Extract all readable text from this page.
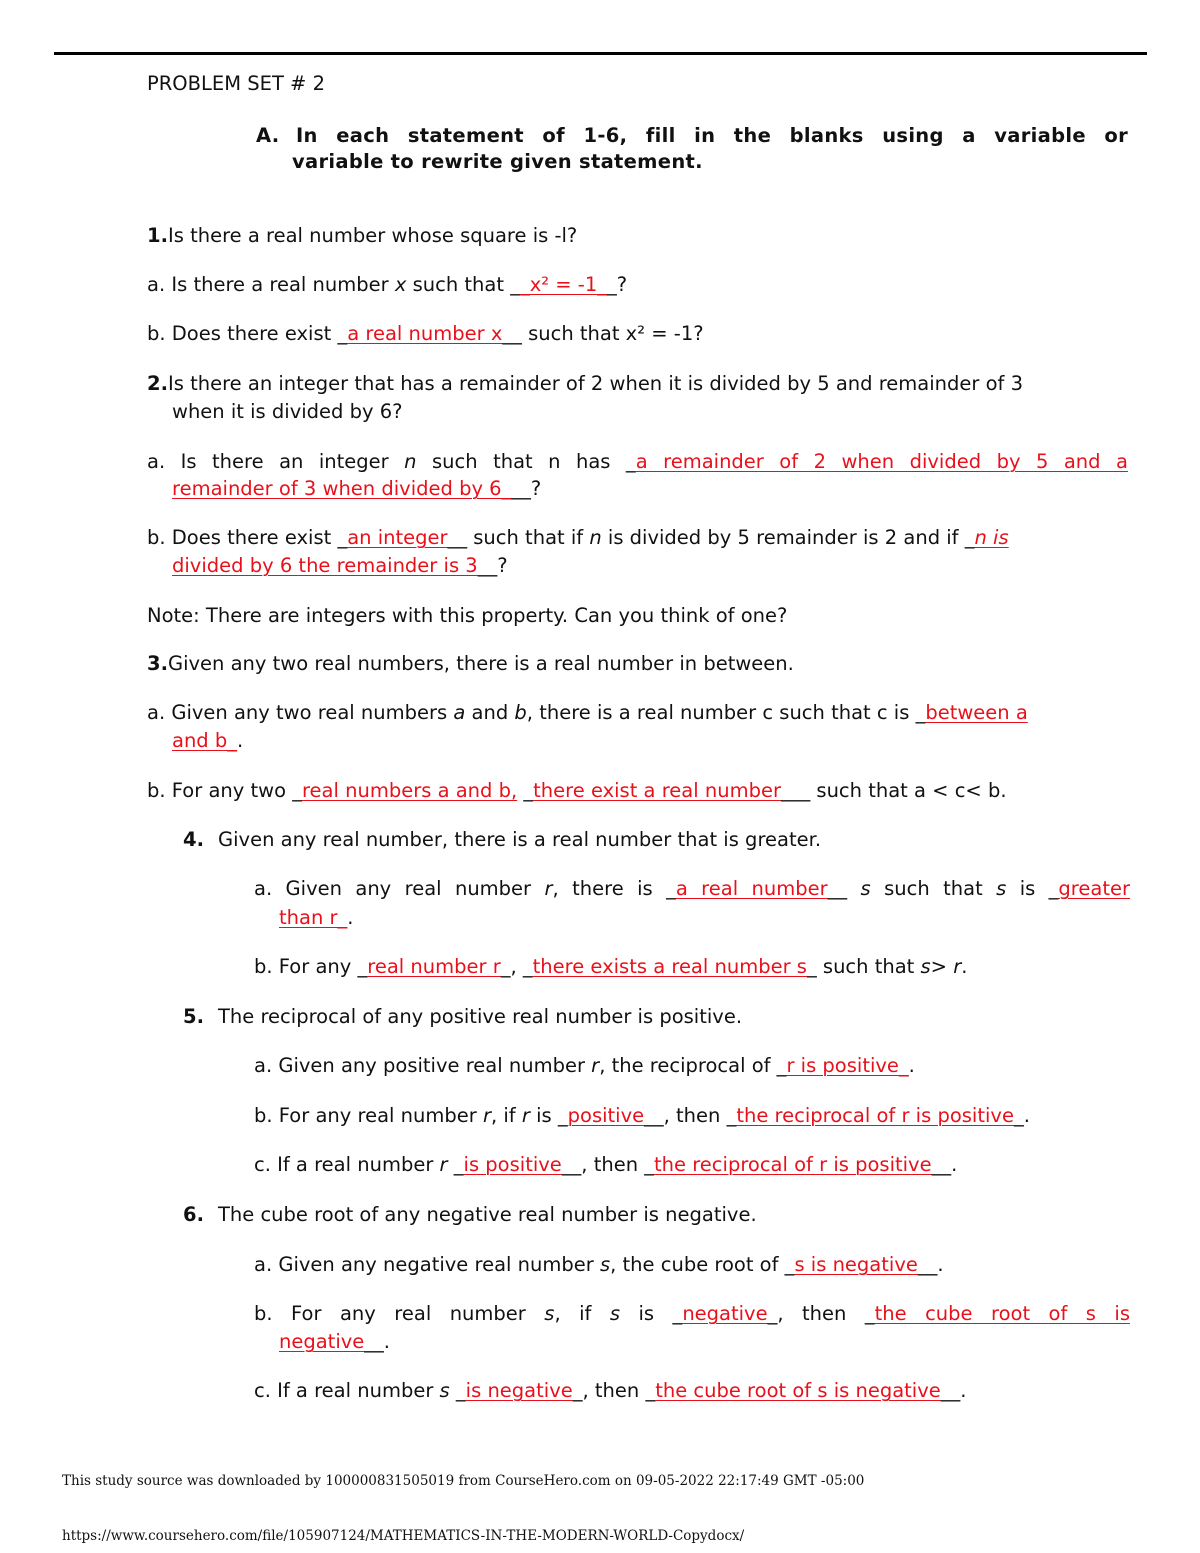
PROBLEM SET # 2
A. In each statement of 1-6, fill in the blanks using a variable or
variable to rewrite given statement.
1.Is there a real number whose square is -l?
a. Is there a real number x such that __x² = -1__?
b. Does there exist _a real number x__ such that x² = -1?
2.Is there an integer that has a remainder of 2 when it is divided by 5 and remainder of 3
when it is divided by 6?
a. Is there an integer n such that n has _a remainder of 2 when divided by 5 and a
remainder of 3 when divided by 6___?
b. Does there exist _an integer__ such that if n is divided by 5 remainder is 2 and if _n is
divided by 6 the remainder is 3__?
Note: There are integers with this property. Can you think of one?
3.Given any two real numbers, there is a real number in between.
a. Given any two real numbers a and b, there is a real number c such that c is _between a
and b_.
b. For any two _real numbers a and b, _there exist a real number___ such that a < c< b.
4. Given any real number, there is a real number that is greater.
a. Given any real number r, there is _a real number__ s such that s is _greater
than r_.
b. For any _real number r_, _there exists a real number s_ such that s> r.
5. The reciprocal of any positive real number is positive.
a. Given any positive real number r, the reciprocal of _r is positive_.
b. For any real number r, if r is _positive__, then _the reciprocal of r is positive_.
c. If a real number r _is positive__, then _the reciprocal of r is positive__.
6. The cube root of any negative real number is negative.
a. Given any negative real number s, the cube root of _s is negative__.
b. For any real number s, if s is _negative_, then _the cube root of s is
negative__.
c. If a real number s _is negative_, then _the cube root of s is negative__.
This study source was downloaded by 100000831505019 from CourseHero.com on 09-05-2022 22:17:49 GMT -05:00
https://www.coursehero.com/file/105907124/MATHEMATICS-IN-THE-MODERN-WORLD-Copydocx/
